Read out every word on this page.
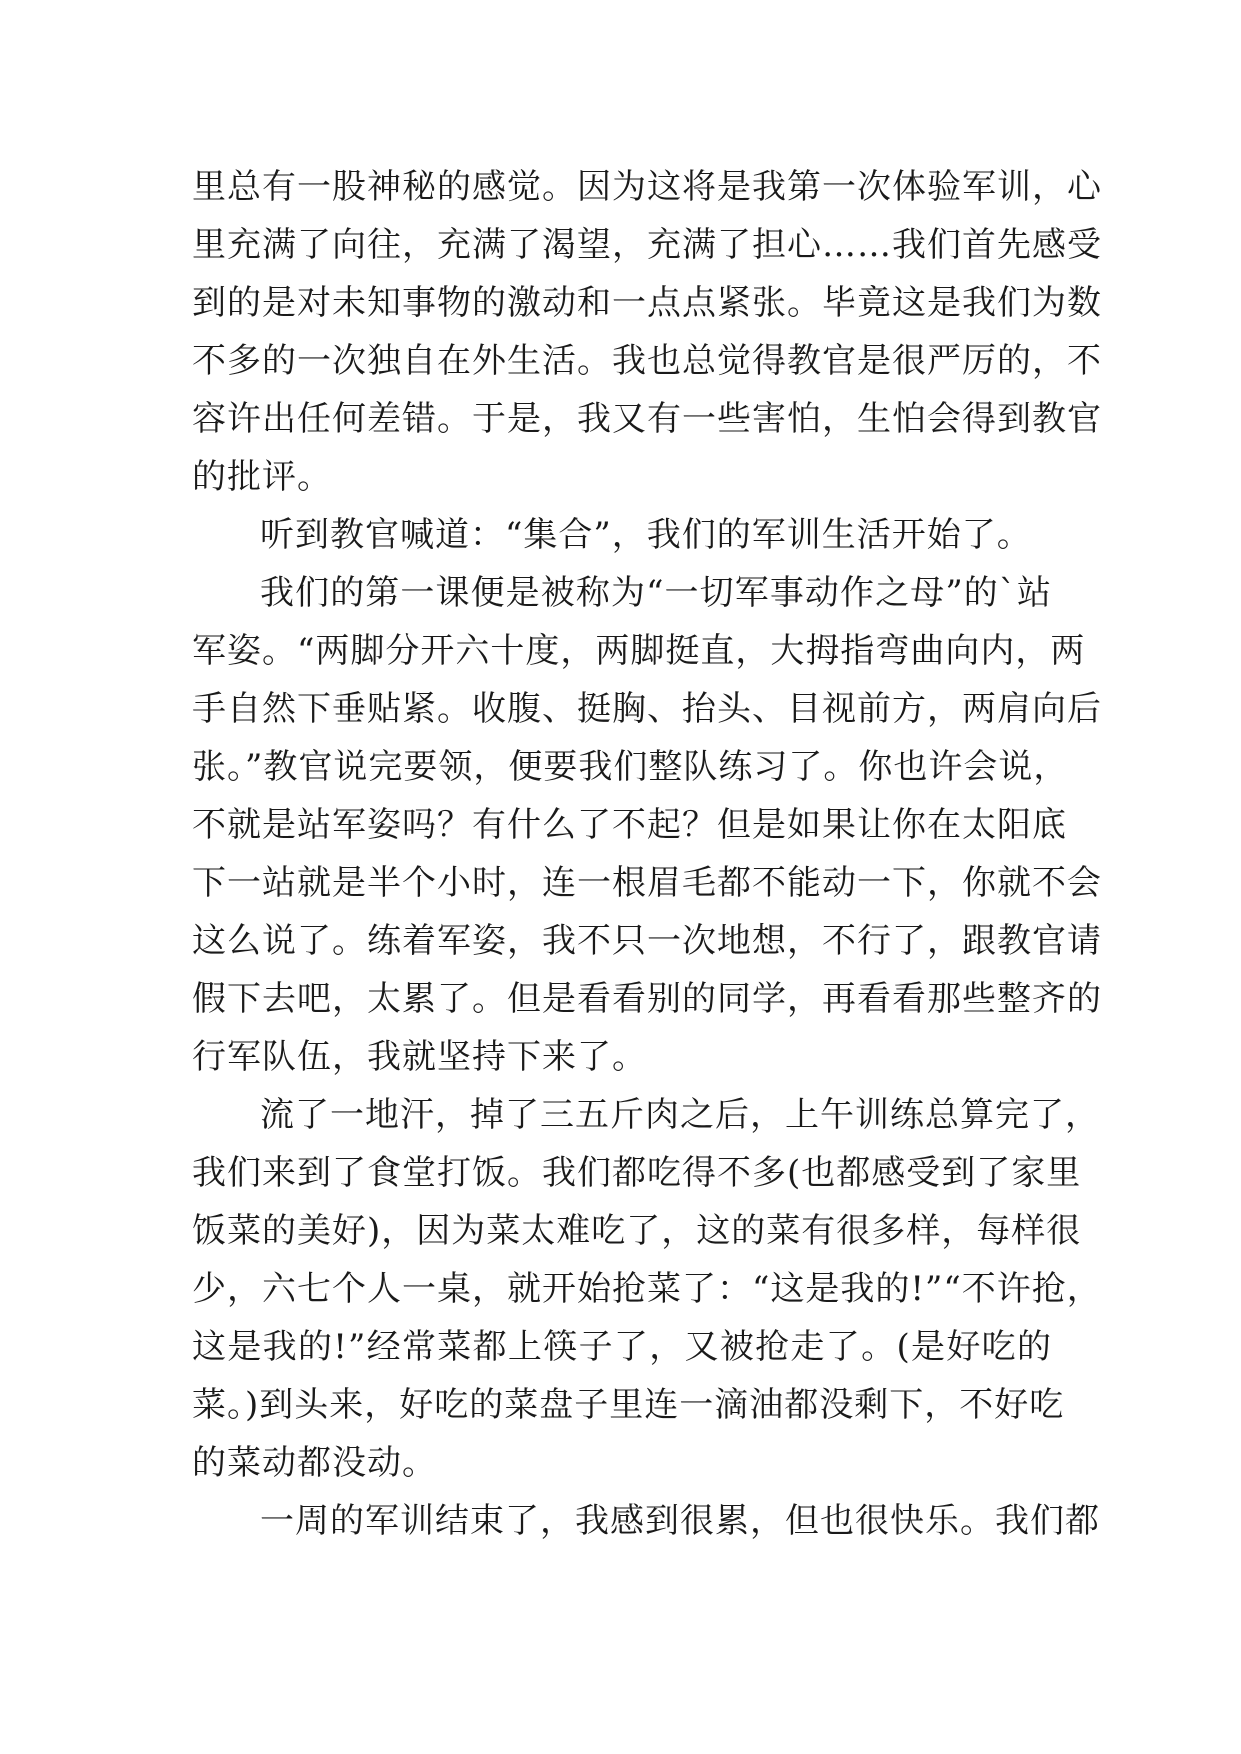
里总有一股神秘的感觉。因为这将是我第一次体验军训，心
里充满了向往，充满了渴望，充满了担心……我们首先感受
到的是对未知事物的激动和一点点紧张。毕竟这是我们为数
不多的一次独自在外生活。我也总觉得教官是很严厉的，不
容许出任何差错。于是，我又有一些害怕，生怕会得到教官
的批评。

听到教官喊道：“集合”，我们的军训生活开始了。

我们的第一课便是被称为“一切军事动作之母”的`站
军姿。“两脚分开六十度，两脚挺直，大拇指弯曲向内，两
手自然下垂贴紧。收腹、挺胸、抬头、目视前方，两肩向后
张。”教官说完要领，便要我们整队练习了。你也许会说，
不就是站军姿吗？有什么了不起？但是如果让你在太阳底
下一站就是半个小时，连一根眉毛都不能动一下，你就不会
这么说了。练着军姿，我不只一次地想，不行了，跟教官请
假下去吧，太累了。但是看看别的同学，再看看那些整齐的
行军队伍，我就坚持下来了。

流了一地汗，掉了三五斤肉之后，上午训练总算完了，
我们来到了食堂打饭。我们都吃得不多(也都感受到了家里
饭菜的美好)，因为菜太难吃了，这的菜有很多样，每样很
少，六七个人一桌，就开始抢菜了：“这是我的!”“不许抢，
这是我的!”经常菜都上筷子了，又被抢走了。(是好吃的
菜。)到头来，好吃的菜盘子里连一滴油都没剩下，不好吃
的菜动都没动。

一周的军训结束了，我感到很累，但也很快乐。我们都
